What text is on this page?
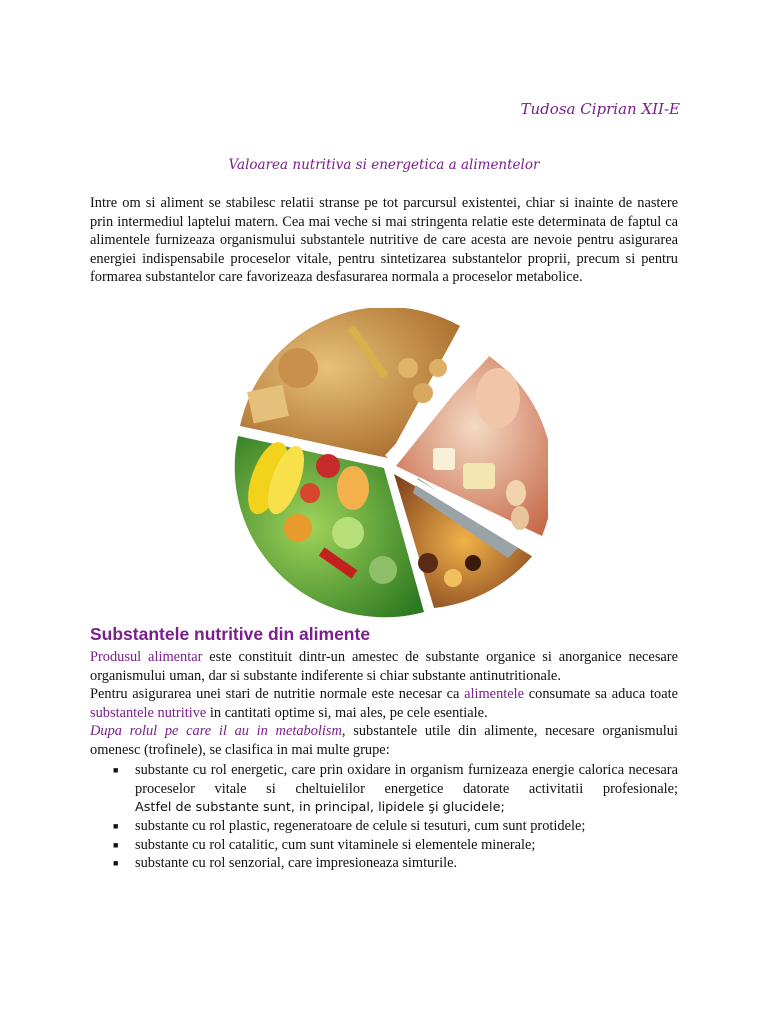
Tudosa Ciprian XII-E
Valoarea nutritiva si energetica a alimentelor
Intre om si aliment se stabilesc relatii stranse pe tot parcursul existentei, chiar si inainte de nastere prin intermediul laptelui matern. Cea mai veche si mai stringenta relatie este determinata de faptul ca alimentele furnizeaza organismului substantele nutritive de care acesta are nevoie pentru asigurarea energiei indispensabile proceselor vitale, pentru sintetizarea substantelor proprii, precum si pentru formarea substantelor care favorizeaza desfasurarea normala a proceselor metabolice.
Substantele nutritive din alimente
Produsul alimentar este constituit dintr-un amestec de substante organice si anorganice necesare organismului uman, dar si substante indiferente si chiar substante antinutritionale.
Pentru asigurarea unei stari de nutritie normale este necesar ca alimentele consumate sa aduca toate substantele nutritive in cantitati optime si, mai ales, pe cele esentiale.
Dupa rolul pe care il au in metabolism, substantele utile din alimente, necesare organismului omenesc (trofinele), se clasifica in mai multe grupe:
■ substante cu rol energetic, care prin oxidare in organism furnizeaza energie calorica necesara proceselor vitale si cheltuielilor energetice datorate activitatii profesionale; Astfel de substante sunt, in principal, lipidele şi glucidele;
■ substante cu rol plastic, regeneratoare de celule si tesuturi, cum sunt protidele;
■ substante cu rol catalitic, cum sunt vitaminele si elementele minerale;
■ substante cu rol senzorial, care impresioneaza simturile.
